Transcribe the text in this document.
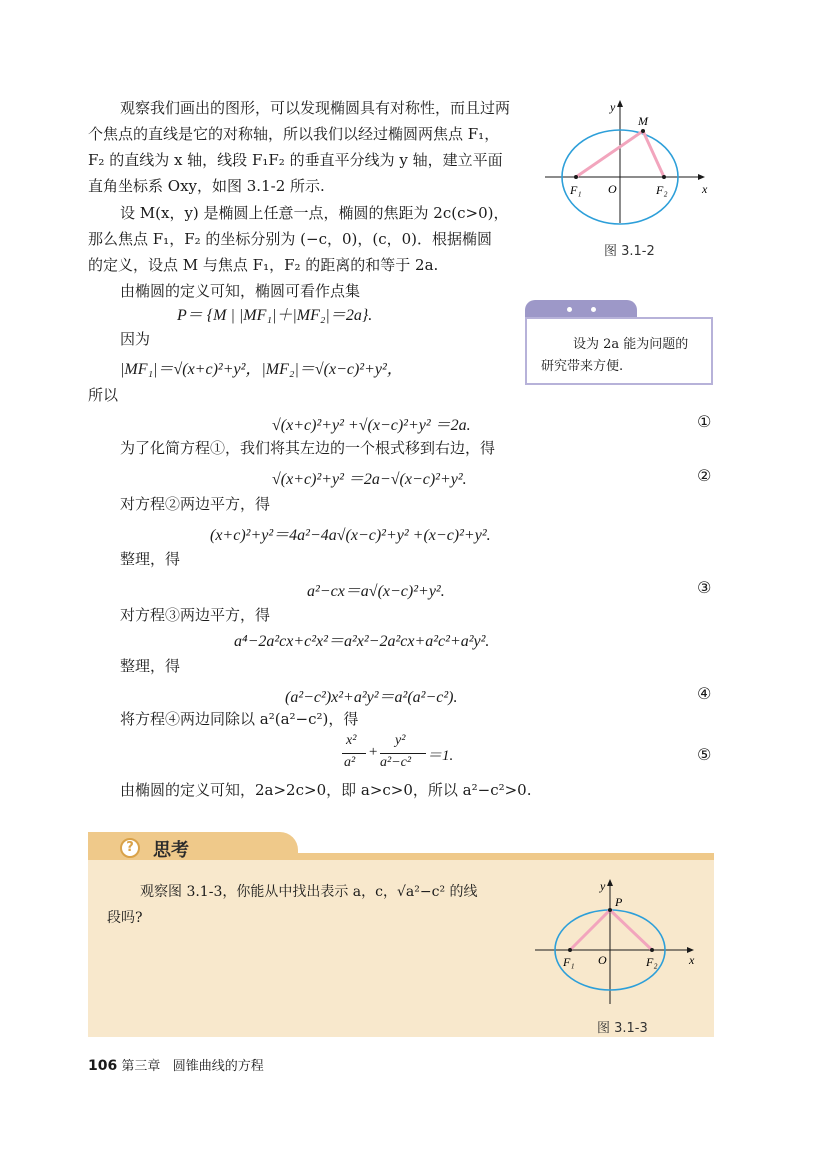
观察我们画出的图形，可以发现椭圆具有对称性，而且过两
个焦点的直线是它的对称轴，所以我们以经过椭圆两焦点 F₁，
F₂ 的直线为 x 轴，线段 F₁F₂ 的垂直平分线为 y 轴，建立平面
直角坐标系 Oxy，如图 3.1-2 所示.
设 M(x，y) 是椭圆上任意一点，椭圆的焦距为 2c(c>0)，
那么焦点 F₁，F₂ 的坐标分别为 (−c，0)，(c，0)．根据椭圆
的定义，设点 M 与焦点 F₁，F₂ 的距离的和等于 2a.
由椭圆的定义可知，椭圆可看作点集
P＝ {M | |MF₁|＋|MF₂|＝2a}.
因为
|MF₁|＝√(x+c)²+y²，|MF₂|＝√(x−c)²+y²，
所以
√(x+c)²+y² +√(x−c)²+y² ＝2a.	①
为了化简方程①，我们将其左边的一个根式移到右边，得
√(x+c)²+y² ＝2a−√(x−c)²+y².	②
对方程②两边平方，得
(x+c)²+y²＝4a²−4a√(x−c)²+y² +(x−c)²+y².
整理，得
a²−cx＝a√(x−c)²+y².	③
对方程③两边平方，得
a⁴−2a²cx+c²x²＝a²x²−2a²cx+a²c²+a²y².
整理，得
(a²−c²)x²+a²y²＝a²(a²−c²).	④
将方程④两边同除以 a²(a²−c²)，得
x²
a²
+
y²
a²−c² ＝1.	⑤
由椭圆的定义可知，2a>2c>0，即 a>c>0，所以 a²−c²>0.
x
y
M
O
F₁	F₂
图 3.1-2
设为 2a 能为问题的
研究带来方便.
?	思考
观察图 3.1-3，你能从中找出表示 a，c，√a²−c² 的线
段吗?
x
y
P
O
F₁	F₂
图 3.1-3
106 第三章 圆锥曲线的方程
